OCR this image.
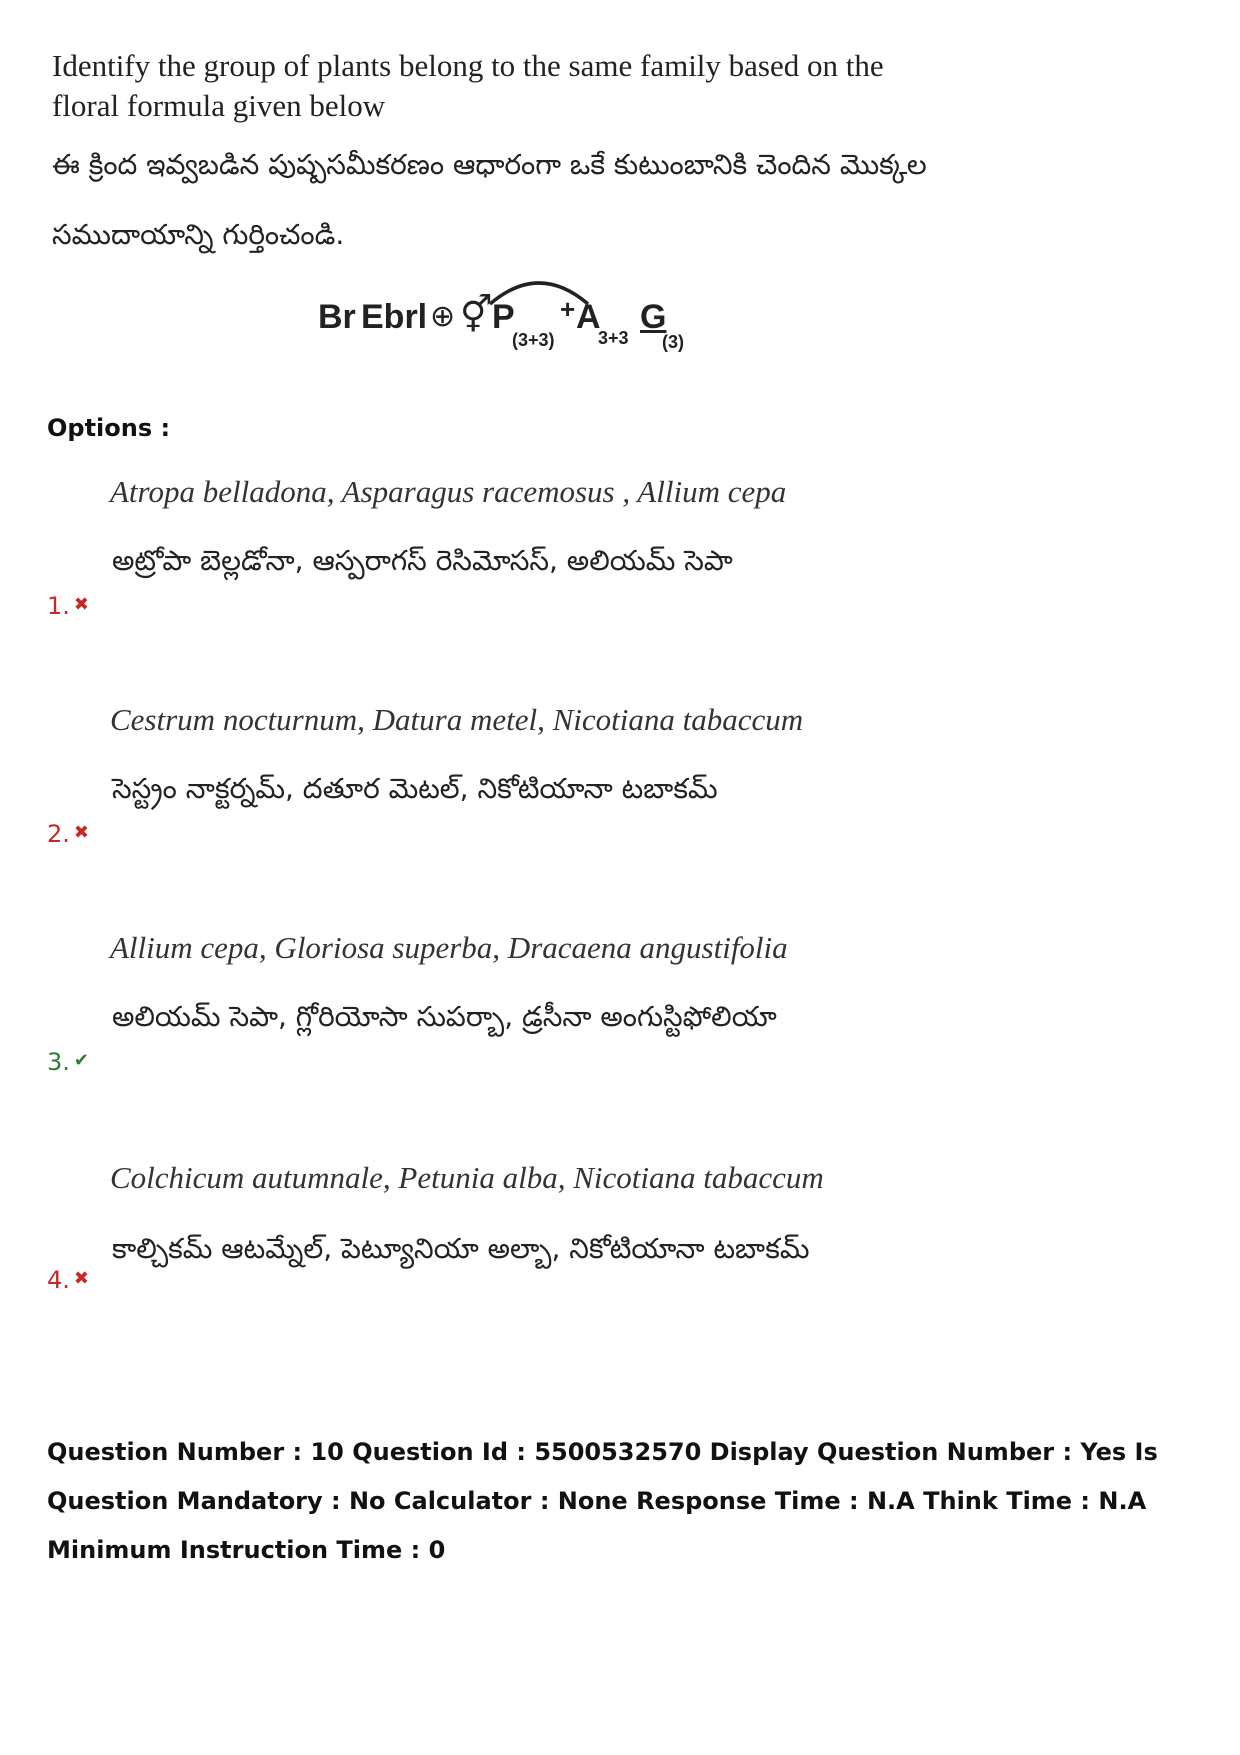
Identify the group of plants belong to the same family based on the floral formula given below
ఈ క్రింద ఇవ్వబడిన పుష్పసమీకరణం ఆధారంగా ఒకే కుటుంబానికి చెందిన మొక్కల
సముదాయాన్ని గుర్తించండి.
Br Ebrl ⊕ ⚥ P
(3+3)
+ A
3+3
G
(3)
Options :
Atropa belladona, Asparagus racemosus , Allium cepa
అట్రోపా బెల్లడోనా, ఆస్పరాగస్ రెసిమోసస్, అలియమ్ సెపా
1. ✖
Cestrum nocturnum, Datura metel, Nicotiana tabaccum
సెస్ట్రం నాక్టర్నమ్, దతూర మెటల్, నికోటియానా టబాకమ్
2. ✖
Allium cepa, Gloriosa superba, Dracaena angustifolia
అలియమ్ సెపా, గ్లోరియోసా సుపర్బా, డ్రసీనా అంగుస్టిఫోలియా
3. ✔
Colchicum autumnale, Petunia alba, Nicotiana tabaccum
కాల్చికమ్ ఆటమ్నేల్, పెట్యూనియా అల్బా, నికోటియానా టబాకమ్
4. ✖
Question Number : 10 Question Id : 5500532570 Display Question Number : Yes Is Question Mandatory : No Calculator : None Response Time : N.A Think Time : N.A Minimum Instruction Time : 0
